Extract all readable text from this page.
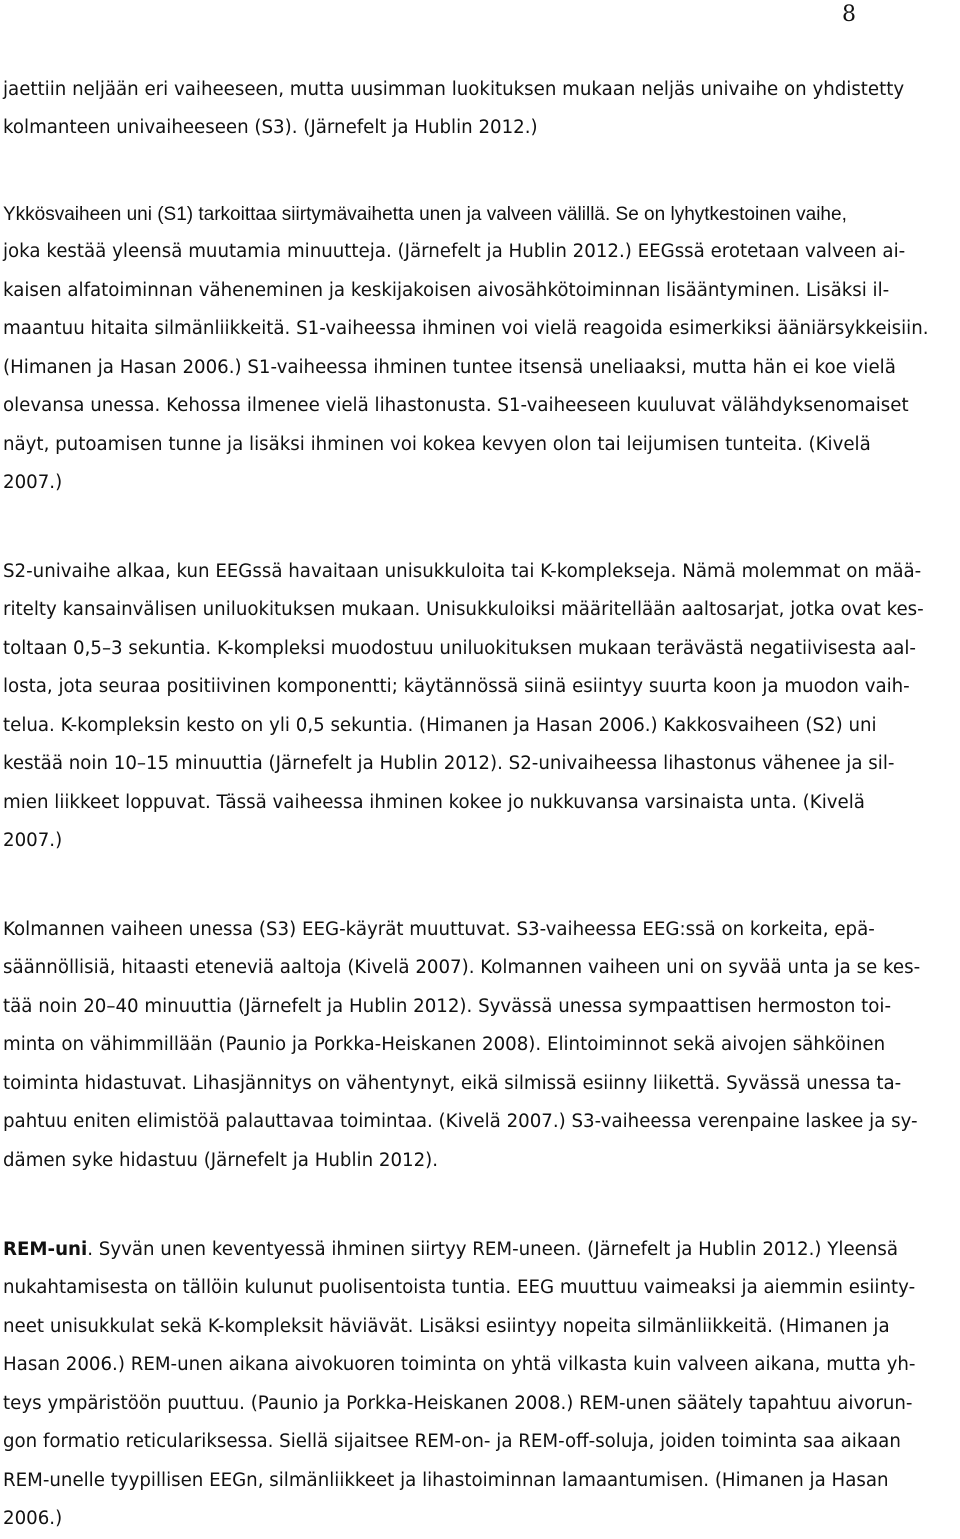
8
jaettiin neljään eri vaiheeseen, mutta uusimman luokituksen mukaan neljäs univaihe on yhdistetty
kolmanteen univaiheeseen (S3). (Järnefelt ja Hublin 2012.)
Ykkösvaiheen uni (S1) tarkoittaa siirtymävaihetta unen ja valveen välillä. Se on lyhytkestoinen vaihe,
joka kestää yleensä muutamia minuutteja. (Järnefelt ja Hublin 2012.) EEGssä erotetaan valveen ai-
kaisen alfatoiminnan väheneminen ja keskijakoisen aivosähkötoiminnan lisääntyminen. Lisäksi il-
maantuu hitaita silmänliikkeitä. S1-vaiheessa ihminen voi vielä reagoida esimerkiksi ääniärsykkeisiin.
(Himanen ja Hasan 2006.) S1-vaiheessa ihminen tuntee itsensä uneliaaksi, mutta hän ei koe vielä
olevansa unessa. Kehossa ilmenee vielä lihastonusta. S1-vaiheeseen kuuluvat välähdyksenomaiset
näyt, putoamisen tunne ja lisäksi ihminen voi kokea kevyen olon tai leijumisen tunteita. (Kivelä
2007.)
S2-univaihe alkaa, kun EEGssä havaitaan unisukkuloita tai K-komplekseja. Nämä molemmat on mää-
ritelty kansainvälisen uniluokituksen mukaan. Unisukkuloiksi määritellään aaltosarjat, jotka ovat kes-
toltaan 0,5–3 sekuntia. K-kompleksi muodostuu uniluokituksen mukaan terävästä negatiivisesta aal-
losta, jota seuraa positiivinen komponentti; käytännössä siinä esiintyy suurta koon ja muodon vaih-
telua. K-kompleksin kesto on yli 0,5 sekuntia. (Himanen ja Hasan 2006.) Kakkosvaiheen (S2) uni
kestää noin 10–15 minuuttia (Järnefelt ja Hublin 2012). S2-univaiheessa lihastonus vähenee ja sil-
mien liikkeet loppuvat. Tässä vaiheessa ihminen kokee jo nukkuvansa varsinaista unta. (Kivelä
2007.)
Kolmannen vaiheen unessa (S3) EEG-käyrät muuttuvat. S3-vaiheessa EEG:ssä on korkeita, epä-
säännöllisiä, hitaasti eteneviä aaltoja (Kivelä 2007). Kolmannen vaiheen uni on syvää unta ja se kes-
tää noin 20–40 minuuttia (Järnefelt ja Hublin 2012). Syvässä unessa sympaattisen hermoston toi-
minta on vähimmillään (Paunio ja Porkka-Heiskanen 2008). Elintoiminnot sekä aivojen sähköinen
toiminta hidastuvat. Lihasjännitys on vähentynyt, eikä silmissä esiinny liikettä. Syvässä unessa ta-
pahtuu eniten elimistöä palauttavaa toimintaa. (Kivelä 2007.) S3-vaiheessa verenpaine laskee ja sy-
dämen syke hidastuu (Järnefelt ja Hublin 2012).
REM-uni. Syvän unen keventyessä ihminen siirtyy REM-uneen. (Järnefelt ja Hublin 2012.) Yleensä
nukahtamisesta on tällöin kulunut puolisentoista tuntia. EEG muuttuu vaimeaksi ja aiemmin esiinty-
neet unisukkulat sekä K-kompleksit häviävät. Lisäksi esiintyy nopeita silmänliikkeitä. (Himanen ja
Hasan 2006.) REM-unen aikana aivokuoren toiminta on yhtä vilkasta kuin valveen aikana, mutta yh-
teys ympäristöön puuttuu. (Paunio ja Porkka-Heiskanen 2008.) REM-unen säätely tapahtuu aivorun-
gon formatio reticulariksessa. Siellä sijaitsee REM-on- ja REM-off-soluja, joiden toiminta saa aikaan
REM-unelle tyypillisen EEGn, silmänliikkeet ja lihastoiminnan lamaantumisen. (Himanen ja Hasan
2006.)
